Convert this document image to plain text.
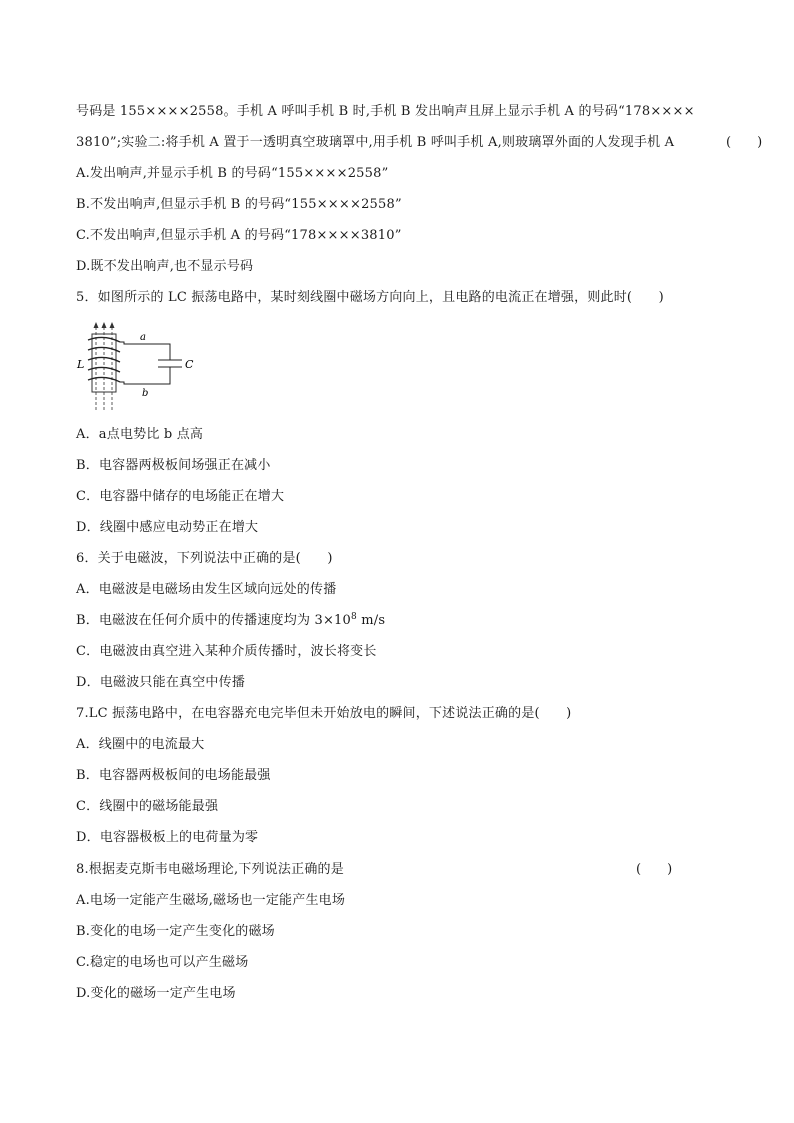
号码是 155××××2558。手机 A 呼叫手机 B 时,手机 B 发出响声且屏上显示手机 A 的号码“178××××
3810”;实验二:将手机 A 置于一透明真空玻璃罩中,用手机 B 呼叫手机 A,则玻璃罩外面的人发现手机 A	(　　)
A.发出响声,并显示手机 B 的号码“155××××2558”
B.不发出响声,但显示手机 B 的号码“155××××2558”
C.不发出响声,但显示手机 A 的号码“178××××3810”
D.既不发出响声,也不显示号码
5．如图所示的 LC 振荡电路中，某时刻线圈中磁场方向向上，且电路的电流正在增强，则此时(　　)
a
b
L	C
A．a点电势比 b 点高
B．电容器两极板间场强正在减小
C．电容器中储存的电场能正在增大
D．线圈中感应电动势正在增大
6．关于电磁波，下列说法中正确的是(　　)
A．电磁波是电磁场由发生区域向远处的传播
B．电磁波在任何介质中的传播速度均为 $3\times 10^8$ m/s
C．电磁波由真空进入某种介质传播时，波长将变长
D．电磁波只能在真空中传播
7.LC 振荡电路中，在电容器充电完毕但未开始放电的瞬间，下述说法正确的是(　　)
A．线圈中的电流最大
B．电容器两极板间的电场能最强
C．线圈中的磁场能最强
D．电容器极板上的电荷量为零
8.根据麦克斯韦电磁场理论,下列说法正确的是	(　　)
A.电场一定能产生磁场,磁场也一定能产生电场
B.变化的电场一定产生变化的磁场
C.稳定的电场也可以产生磁场
D.变化的磁场一定产生电场
